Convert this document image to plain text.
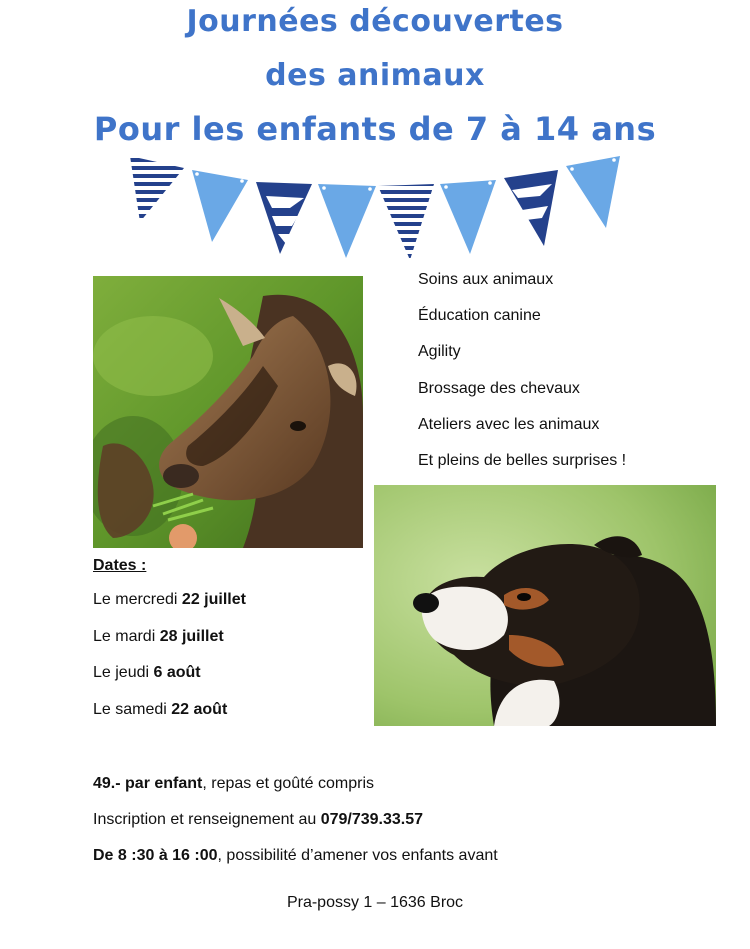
Journées découvertes
des animaux
Pour les enfants de 7 à 14 ans
Soins aux animaux
Éducation canine
Agility
Brossage des chevaux
Ateliers avec les animaux
Et pleins de belles surprises !
Dates :
Le mercredi 22 juillet
Le mardi 28 juillet
Le jeudi 6 août
Le samedi 22 août
49.- par enfant, repas et goûté compris
Inscription et renseignement au 079/739.33.57
De 8 :30 à 16 :00, possibilité d’amener vos enfants avant
Pra-possy 1 – 1636 Broc
